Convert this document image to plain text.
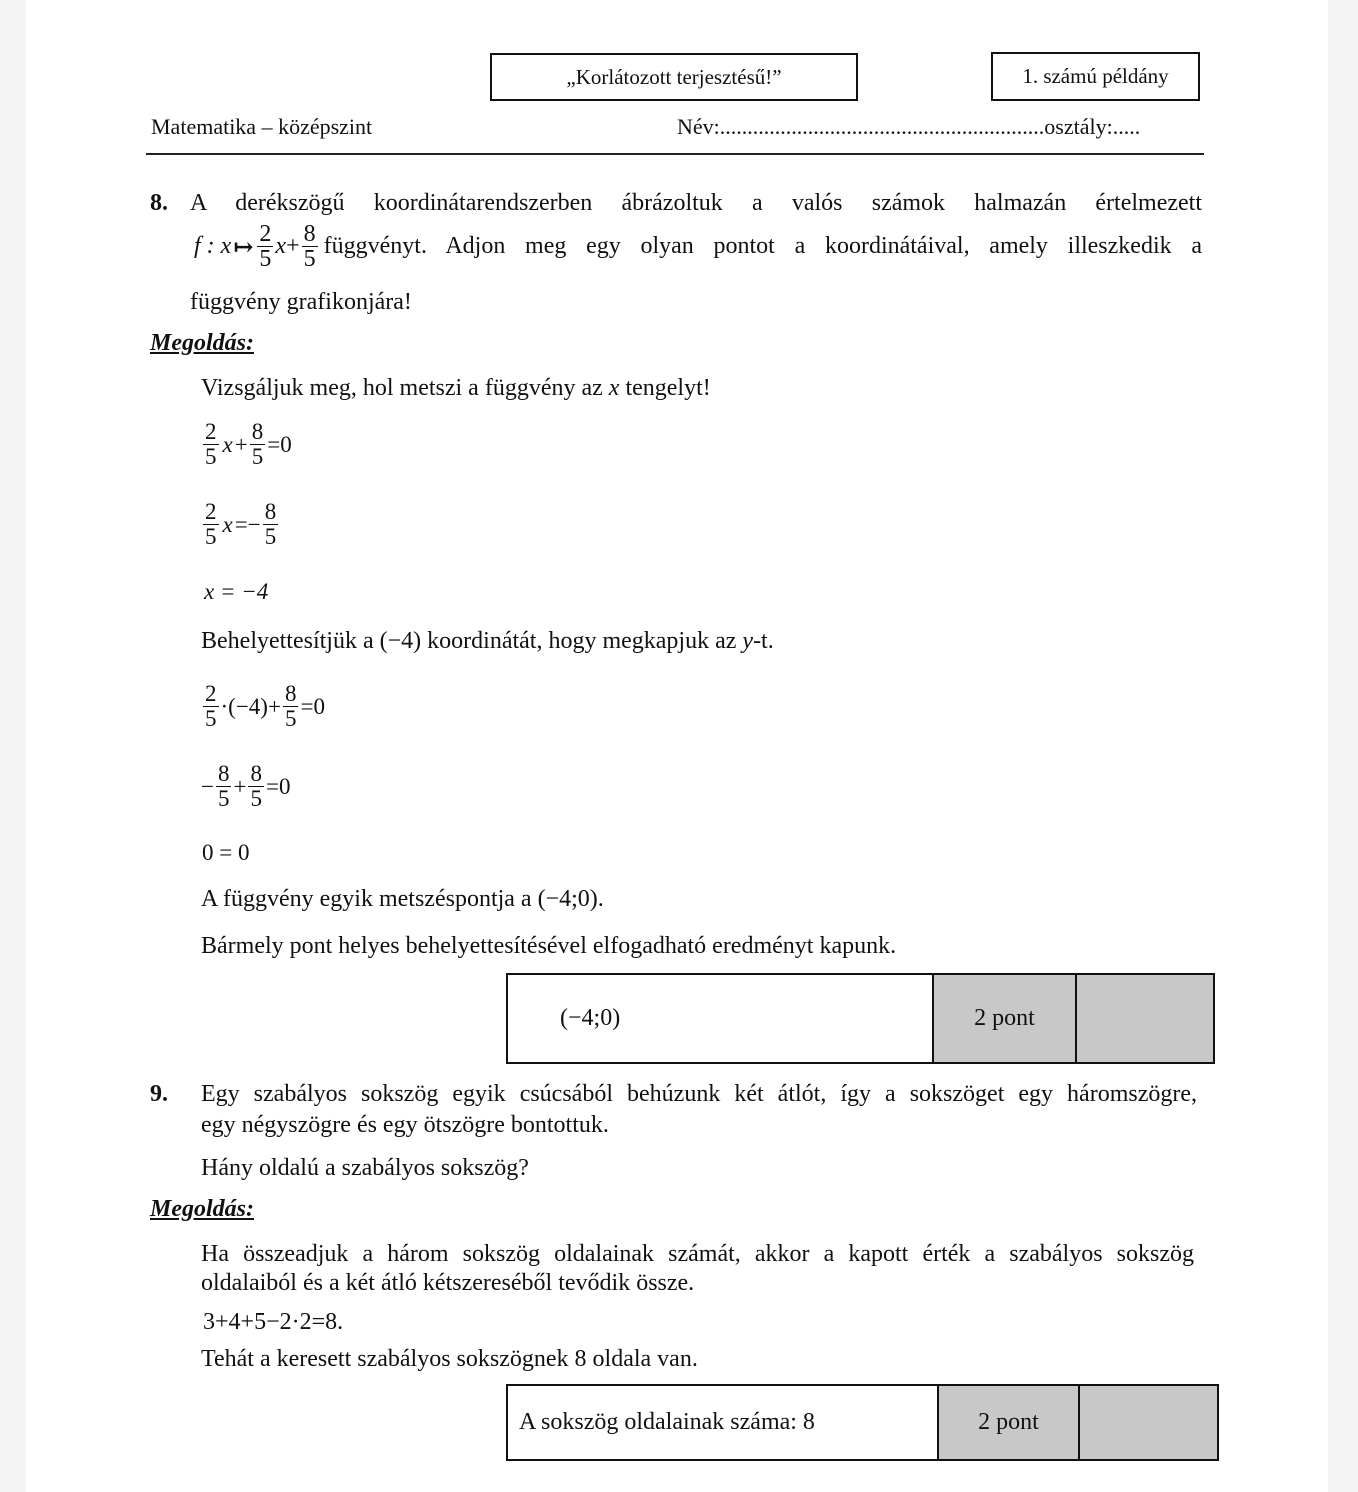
„Korlátozott terjesztésű!”	1. számú példány
Matematika – középszint	Név:...........................................................osztály:.....
8. A derékszögű koordinátarendszerben ábrázoltuk a valós számok halmazán értelmezett
f : x ↦ $\frac{2}{5}$ $x + \frac{8}{5}$ függvényt. Adjon meg egy olyan pontot a koordinátáival, amely illeszkedik a
függvény grafikonjára!
Megoldás:
Vizsgáljuk meg, hol metszi a függvény az x tengelyt!
$\frac{2}{5}$ $x + \frac{8}{5} = 0$
$\frac{2}{5}$ x = − $\frac{8}{5}$
x = −4
Behelyettesítjük a (−4) koordinátát, hogy megkapjuk az y-t.
$\frac{2}{5} \cdot (-4) + \frac{8}{5} = 0$
− $\frac{8}{5} + \frac{8}{5} = 0$
0 = 0
A függvény egyik metszéspontja a (−4;0).
Bármely pont helyes behelyettesítésével elfogadható eredményt kapunk.
(−4;0)	2 pont
9. Egy szabályos sokszög egyik csúcsából behúzunk két átlót, így a sokszöget egy háromszögre,
egy négyszögre és egy ötszögre bontottuk.
Hány oldalú a szabályos sokszög?
Megoldás:
Ha összeadjuk a három sokszög oldalainak számát, akkor a kapott érték a szabályos sokszög
oldalaiból és a két átló kétszereséből tevődik össze.
3+4+5−2·2=8.
Tehát a keresett szabályos sokszögnek 8 oldala van.
A sokszög oldalainak száma: 8	2 pont
